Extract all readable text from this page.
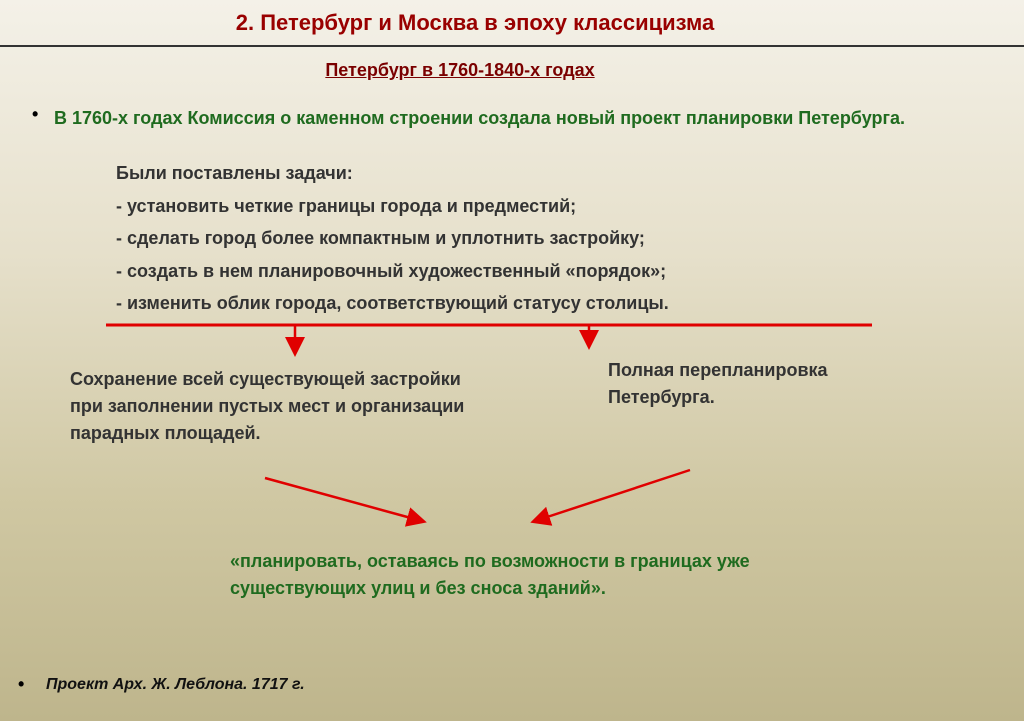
2. Петербург и Москва в эпоху классицизма
Петербург в 1760-1840-х годах
• В 1760-х годах Комиссия о каменном строении создала новый проект планировки Петербурга.
Были поставлены задачи:
- установить четкие границы города и предместий;
- сделать город более компактным и уплотнить застройку;
- создать в нем планировочный художественный «порядок»;
- изменить облик города, соответствующий статусу столицы.
Сохранение всей существующей застройки при заполнении пустых мест и организации парадных площадей.
Полная перепланировка Петербурга.
«планировать, оставаясь по возможности в границах уже существующих улиц и без сноса зданий».
• Проект Арх. Ж. Леблона. 1717 г.
